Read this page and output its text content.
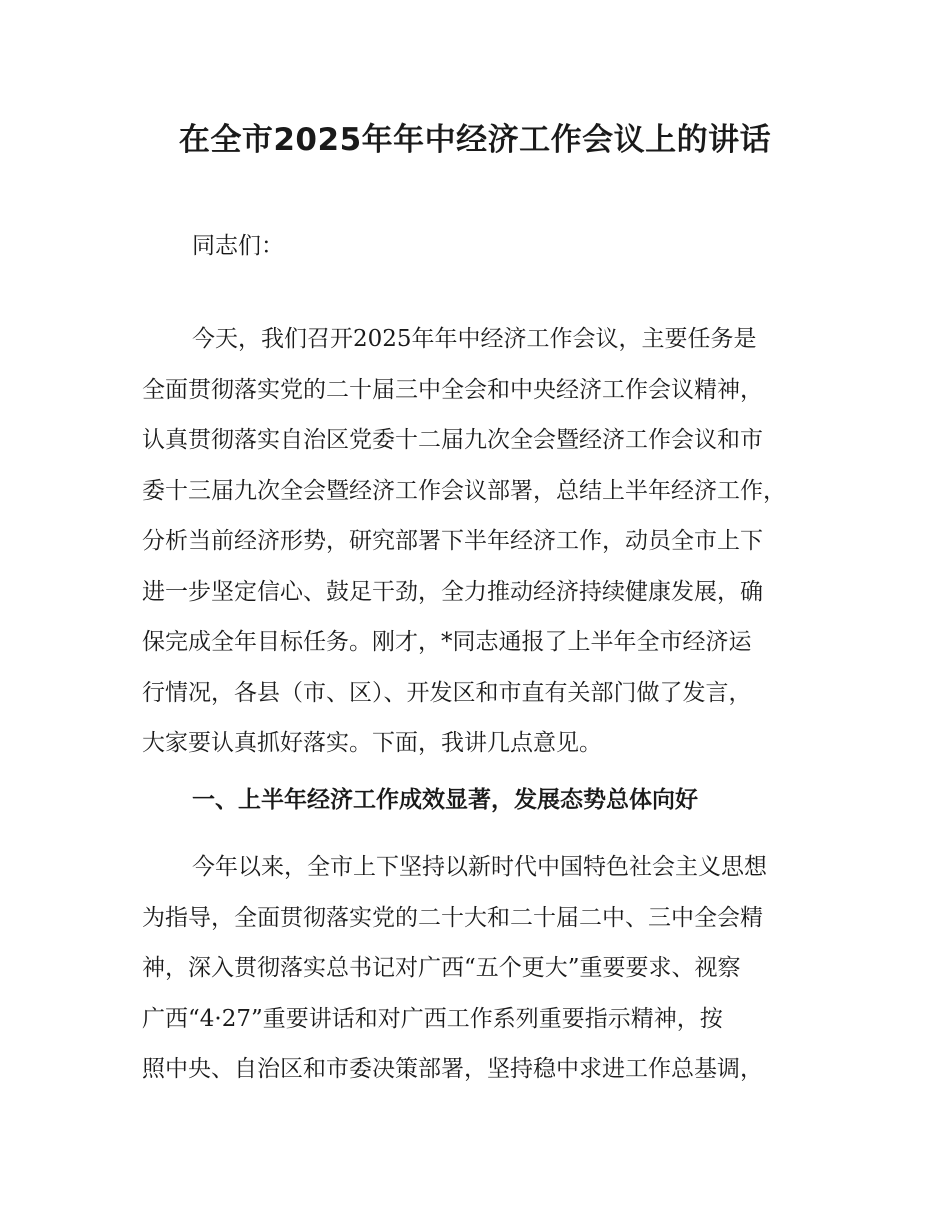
在全市2025年年中经济工作会议上的讲话

同志们：

今天，我们召开2025年年中经济工作会议，主要任务是
全面贯彻落实党的二十届三中全会和中央经济工作会议精神，
认真贯彻落实自治区党委十二届九次全会暨经济工作会议和市
委十三届九次全会暨经济工作会议部署，总结上半年经济工作，
分析当前经济形势，研究部署下半年经济工作，动员全市上下
进一步坚定信心、鼓足干劲，全力推动经济持续健康发展，确
保完成全年目标任务。刚才，*同志通报了上半年全市经济运
行情况，各县（市、区）、开发区和市直有关部门做了发言，
大家要认真抓好落实。下面，我讲几点意见。

一、上半年经济工作成效显著，发展态势总体向好

今年以来，全市上下坚持以新时代中国特色社会主义思想
为指导，全面贯彻落实党的二十大和二十届二中、三中全会精
神，深入贯彻落实总书记对广西“五个更大”重要要求、视察
广西“4·27”重要讲话和对广西工作系列重要指示精神，按
照中央、自治区和市委决策部署，坚持稳中求进工作总基调，
